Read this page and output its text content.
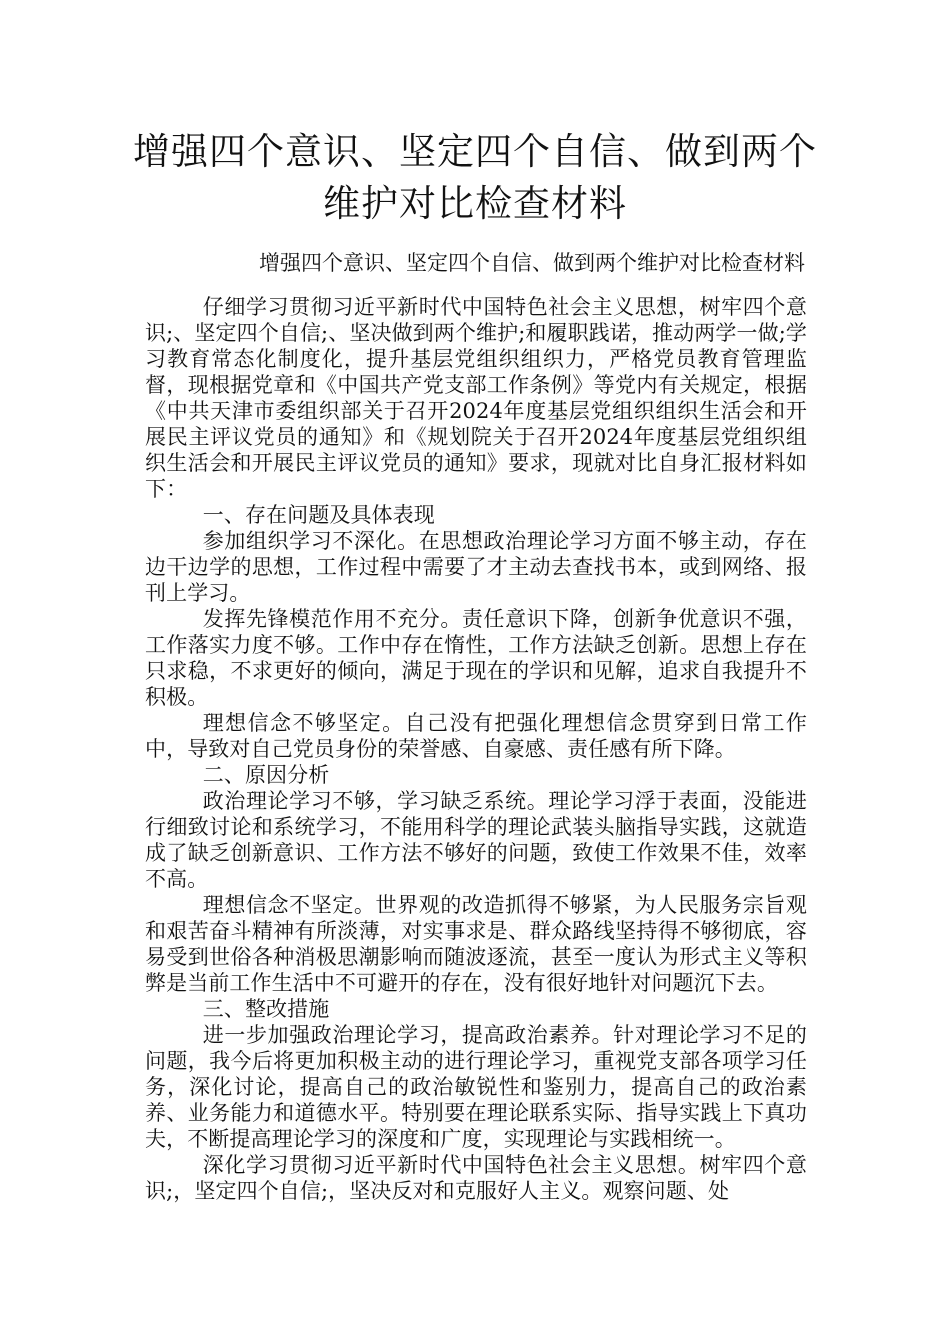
增强四个意识、坚定四个自信、做到两个维护对比检查材料
增强四个意识、坚定四个自信、做到两个维护对比检查材料

仔细学习贯彻习近平新时代中国特色社会主义思想，树牢四个意识;、坚定四个自信;、坚决做到两个维护;和履职践诺，推动两学一做;学习教育常态化制度化，提升基层党组织组织力，严格党员教育管理监督，现根据党章和《中国共产党支部工作条例》等党内有关规定，根据《中共天津市委组织部关于召开2024年度基层党组织组织生活会和开展民主评议党员的通知》和《规划院关于召开2024年度基层党组织组织生活会和开展民主评议党员的通知》要求，现就对比自身汇报材料如下：

一、存在问题及具体表现

参加组织学习不深化。在思想政治理论学习方面不够主动，存在边干边学的思想，工作过程中需要了才主动去查找书本，或到网络、报刊上学习。

发挥先锋模范作用不充分。责任意识下降，创新争优意识不强，工作落实力度不够。工作中存在惰性，工作方法缺乏创新。思想上存在只求稳，不求更好的倾向，满足于现在的学识和见解，追求自我提升不积极。

理想信念不够坚定。自己没有把强化理想信念贯穿到日常工作中，导致对自己党员身份的荣誉感、自豪感、责任感有所下降。

二、原因分析

政治理论学习不够，学习缺乏系统。理论学习浮于表面，没能进行细致讨论和系统学习，不能用科学的理论武装头脑指导实践，这就造成了缺乏创新意识、工作方法不够好的问题，致使工作效果不佳，效率不高。

理想信念不坚定。世界观的改造抓得不够紧，为人民服务宗旨观和艰苦奋斗精神有所淡薄，对实事求是、群众路线坚持得不够彻底，容易受到世俗各种消极思潮影响而随波逐流，甚至一度认为形式主义等积弊是当前工作生活中不可避开的存在，没有很好地针对问题沉下去。

三、整改措施

进一步加强政治理论学习，提高政治素养。针对理论学习不足的问题，我今后将更加积极主动的进行理论学习，重视党支部各项学习任务，深化讨论，提高自己的政治敏锐性和鉴别力，提高自己的政治素养、业务能力和道德水平。特别要在理论联系实际、指导实践上下真功夫，不断提高理论学习的深度和广度，实现理论与实践相统一。

深化学习贯彻习近平新时代中国特色社会主义思想。树牢四个意识;，坚定四个自信;，坚决反对和克服好人主义。观察问题、处
